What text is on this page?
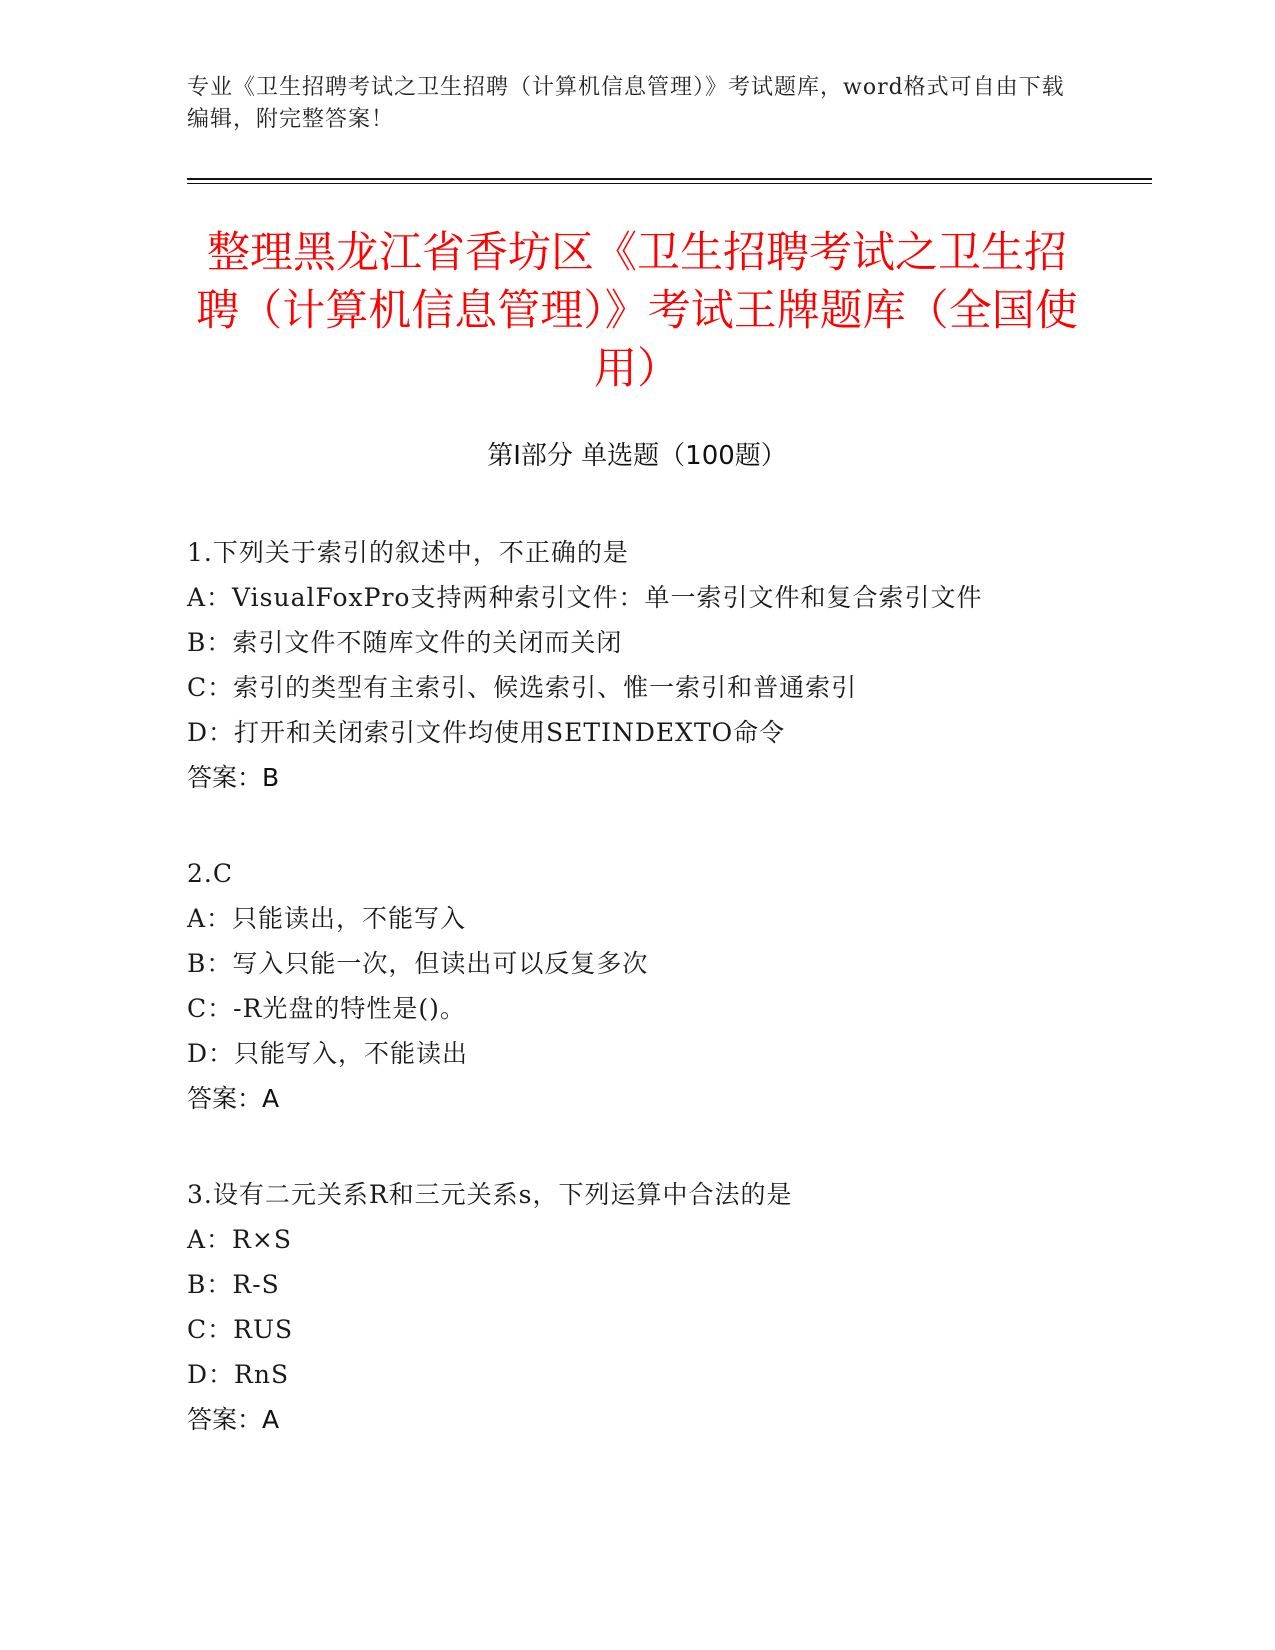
专业《卫生招聘考试之卫生招聘（计算机信息管理）》考试题库，word格式可自由下载编辑，附完整答案！
整理黑龙江省香坊区《卫生招聘考试之卫生招聘（计算机信息管理）》考试王牌题库（全国使用）
第Ⅰ部分 单选题（100题）
1.下列关于索引的叙述中，不正确的是
A：VisualFoxPro支持两种索引文件：单一索引文件和复合索引文件
B：索引文件不随库文件的关闭而关闭
C：索引的类型有主索引、候选索引、惟一索引和普通索引
D：打开和关闭索引文件均使用SETINDEXTO命令
答案：B
2.C
A：只能读出，不能写入
B：写入只能一次，但读出可以反复多次
C：-R光盘的特性是()。
D：只能写入，不能读出
答案：A
3.设有二元关系R和三元关系s，下列运算中合法的是
A：R×S
B：R-S
C：RUS
D：RnS
答案：A
